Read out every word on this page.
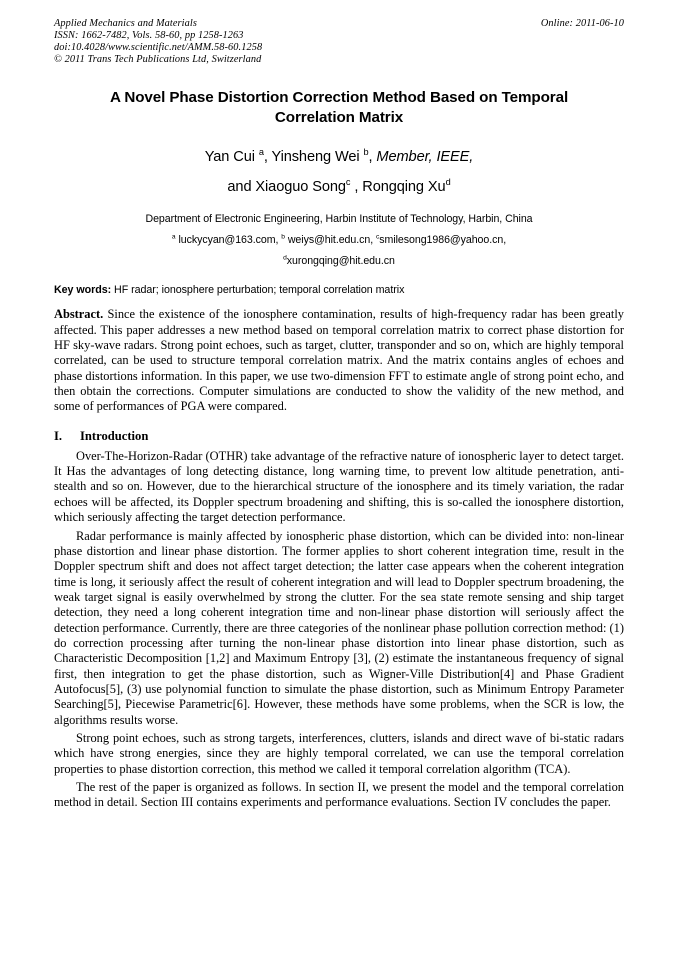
Applied Mechanics and Materials
ISSN: 1662-7482, Vols. 58-60, pp 1258-1263
doi:10.4028/www.scientific.net/AMM.58-60.1258
© 2011 Trans Tech Publications Ltd, Switzerland
Online: 2011-06-10
A Novel Phase Distortion Correction Method Based on Temporal Correlation Matrix
Yan Cui $^a$, Yinsheng Wei $^b$, Member, IEEE,
and Xiaoguo Song$^c$ , Rongqing Xu$^d$
Department of Electronic Engineering, Harbin Institute of Technology, Harbin, China
$^a$ luckycyan@163.com, $^b$ weiys@hit.edu.cn, $^c$smilesong1986@yahoo.cn,
$^d$xurongqing@hit.edu.cn
Key words: HF radar; ionosphere perturbation; temporal correlation matrix
Abstract. Since the existence of the ionosphere contamination, results of high-frequency radar has been greatly affected. This paper addresses a new method based on temporal correlation matrix to correct phase distortion for HF sky-wave radars. Strong point echoes, such as target, clutter, transponder and so on, which are highly temporal correlated, can be used to structure temporal correlation matrix. And the matrix contains angles of echoes and phase distortions information. In this paper, we use two-dimension FFT to estimate angle of strong point echo, and then obtain the corrections. Computer simulations are conducted to show the validity of the new method, and some of performances of PGA were compared.
I. Introduction

Over-The-Horizon-Radar (OTHR) take advantage of the refractive nature of ionospheric layer to detect target. It Has the advantages of long detecting distance, long warning time, to prevent low altitude penetration, anti-stealth and so on. However, due to the hierarchical structure of the ionosphere and its timely variation, the radar echoes will be affected, its Doppler spectrum broadening and shifting, this is so-called the ionosphere distortion, which seriously affecting the target detection performance.

Radar performance is mainly affected by ionospheric phase distortion, which can be divided into: non-linear phase distortion and linear phase distortion. The former applies to short coherent integration time, result in the Doppler spectrum shift and does not affect target detection; the latter case appears when the coherent integration time is long, it seriously affect the result of coherent integration and will lead to Doppler spectrum broadening, the weak target signal is easily overwhelmed by strong the clutter. For the sea state remote sensing and ship target detection, they need a long coherent integration time and non-linear phase distortion will seriously affect the detection performance. Currently, there are three categories of the nonlinear phase pollution correction method: (1) do correction processing after turning the non-linear phase distortion into linear phase distortion, such as Characteristic Decomposition [1,2] and Maximum Entropy [3], (2) estimate the instantaneous frequency of signal first, then integration to get the phase distortion, such as Wigner-Ville Distribution[4] and Phase Gradient Autofocus[5], (3) use polynomial function to simulate the phase distortion, such as Minimum Entropy Parameter Searching[5], Piecewise Parametric[6]. However, these methods have some problems, when the SCR is low, the algorithms results worse.

Strong point echoes, such as strong targets, interferences, clutters, islands and direct wave of bi-static radars which have strong energies, since they are highly temporal correlated, we can use the temporal correlation properties to phase distortion correction, this method we called it temporal correlation algorithm (TCA).

The rest of the paper is organized as follows. In section II, we present the model and the temporal correlation method in detail. Section III contains experiments and performance evaluations. Section IV concludes the paper.
